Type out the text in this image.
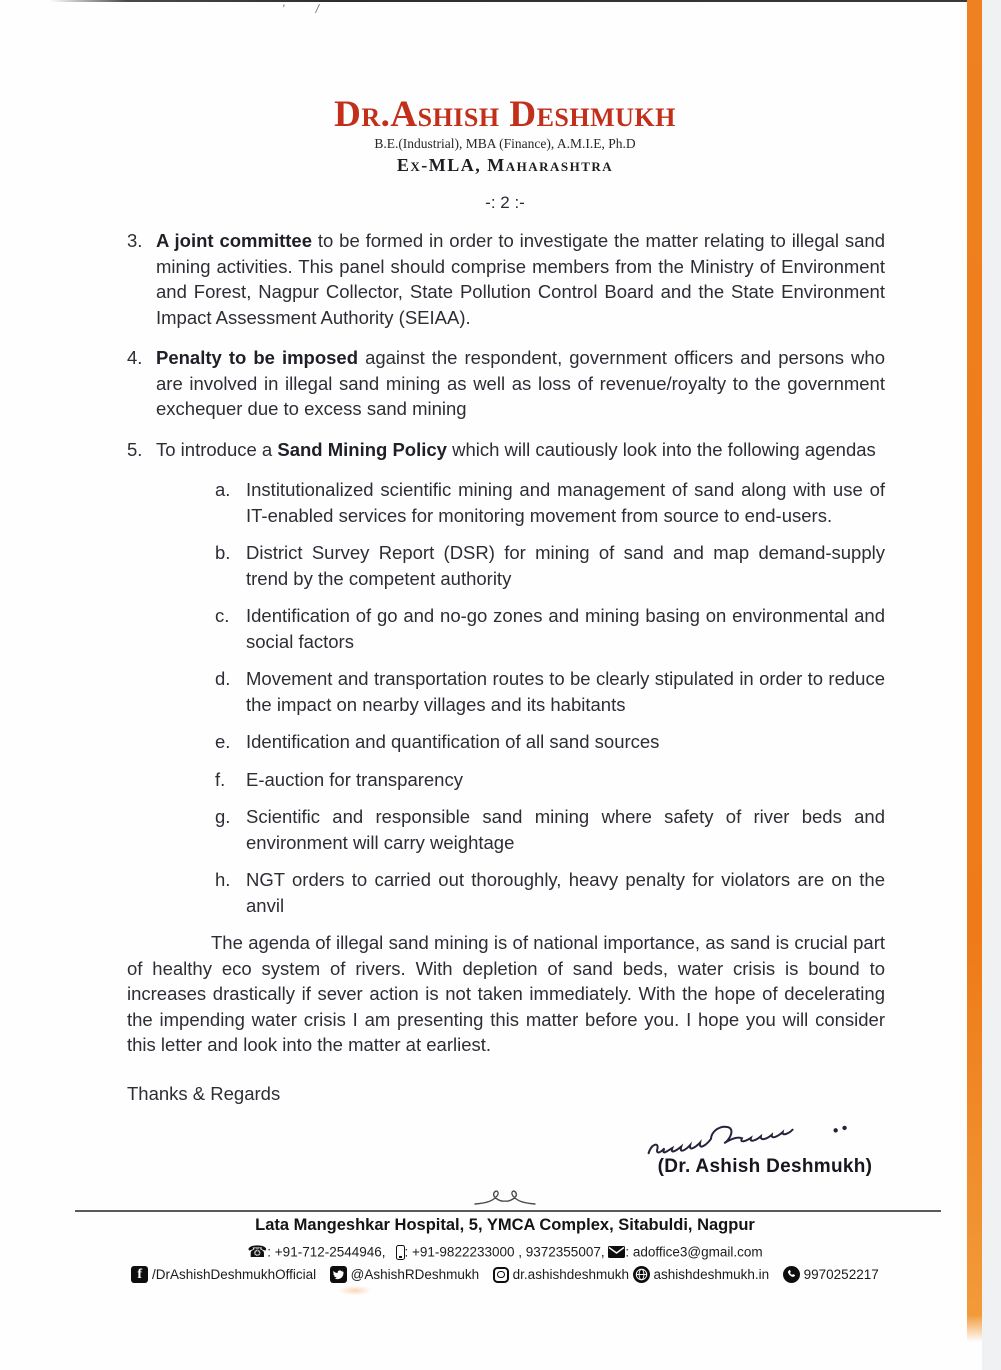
' /
Dr.Ashish Deshmukh
B.E.(Industrial), MBA (Finance), A.M.I.E, Ph.D
Ex-MLA, Maharashtra
-: 2 :-
3. A joint committee to be formed in order to investigate the matter relating to illegal sand mining activities. This panel should comprise members from the Ministry of Environment and Forest, Nagpur Collector, State Pollution Control Board and the State Environment Impact Assessment Authority (SEIAA).

4. Penalty to be imposed against the respondent, government officers and persons who are involved in illegal sand mining as well as loss of revenue/royalty to the government exchequer due to excess sand mining

5. To introduce a Sand Mining Policy which will cautiously look into the following agendas

a. Institutionalized scientific mining and management of sand along with use of IT-enabled services for monitoring movement from source to end-users.

b. District Survey Report (DSR) for mining of sand and map demand-supply trend by the competent authority

c. Identification of go and no-go zones and mining basing on environmental and social factors

d. Movement and transportation routes to be clearly stipulated in order to reduce the impact on nearby villages and its habitants

e. Identification and quantification of all sand sources

f.	E-auction for transparency

g. Scientific and responsible sand mining where safety of river beds and environment will carry weightage

h. NGT orders to carried out thoroughly, heavy penalty for violators are on the anvil

The agenda of illegal sand mining is of national importance, as sand is crucial part of healthy eco system of rivers. With depletion of sand beds, water crisis is bound to increases drastically if sever action is not taken immediately. With the hope of decelerating the impending water crisis I am presenting this matter before you. I hope you will consider this letter and look into the matter at earliest.

Thanks & Regards

(Dr. Ashish Deshmukh)
Lata Mangeshkar Hospital, 5, YMCA Complex, Sitabuldi, Nagpur
☎: +91-712-2544946, : +91-9822233000 , 9372355007, : adoffice3@gmail.com
f /DrAshishDeshmukhOfficial	@AshishRDeshmukh dr.ashishdeshmukh ashishdeshmukh.in	9970252217
